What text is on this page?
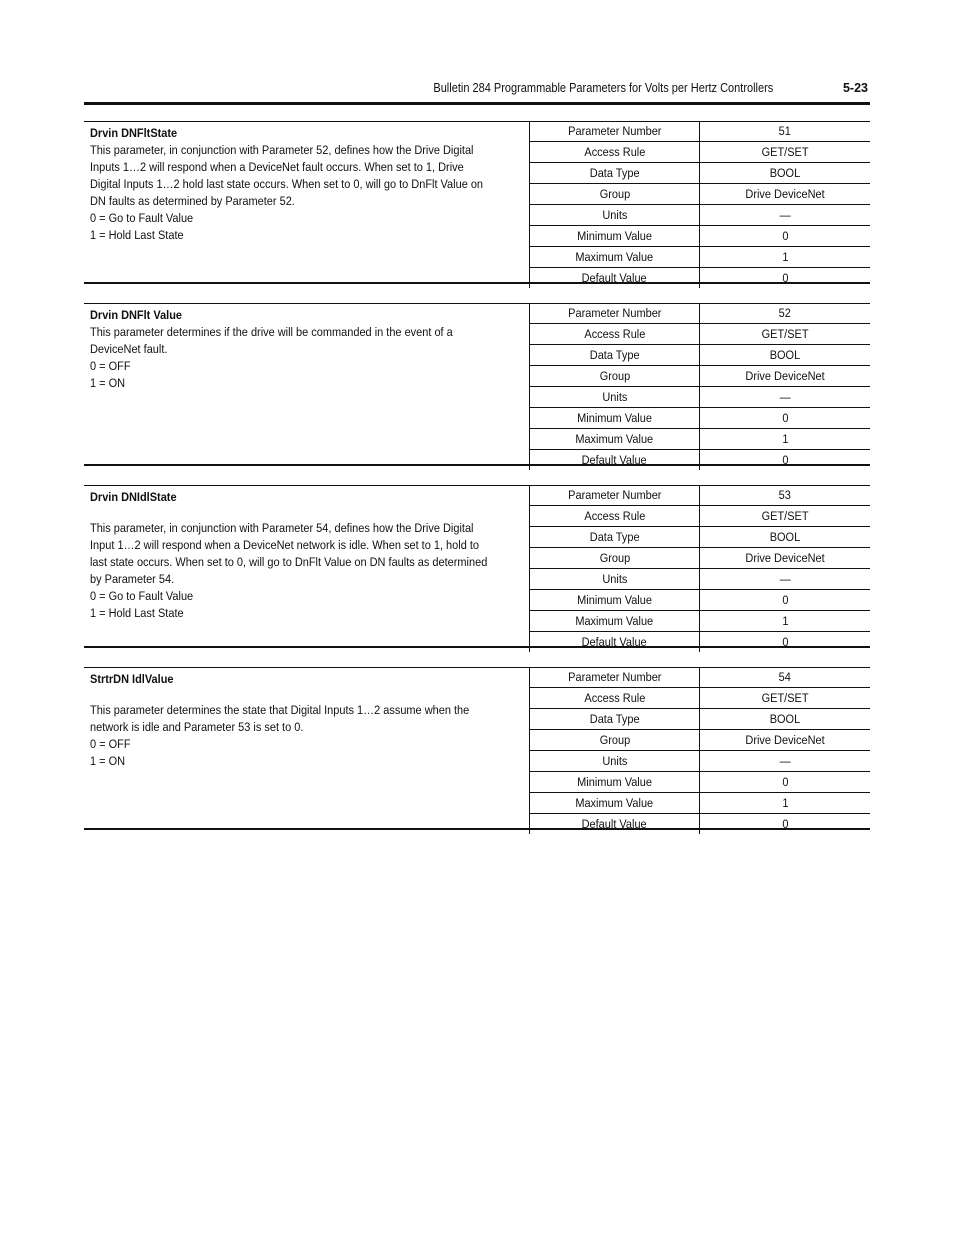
Bulletin 284 Programmable Parameters for Volts per Hertz Controllers	5-23

Drvin DNFltState

This parameter, in conjunction with Parameter 52, defines how the Drive Digital

Inputs 1…2 will respond when a DeviceNet fault occurs. When set to 1, Drive

Digital Inputs 1…2 hold last state occurs. When set to 0, will go to DnFlt Value on

DN faults as determined by Parameter 52.

0 = Go to Fault Value

1 = Hold Last State

Parameter Number	51
Access Rule	GET/SET
Data Type	BOOL
Group	Drive DeviceNet
Units	—
Minimum Value	0
Maximum Value	1
Default Value	0

Drvin DNFlt Value

This parameter determines if the drive will be commanded in the event of a

DeviceNet fault.

0 = OFF

1 = ON

Parameter Number	52
Access Rule	GET/SET
Data Type	BOOL
Group	Drive DeviceNet
Units	—
Minimum Value	0
Maximum Value	1
Default Value	0

Drvin DNIdlState

This parameter, in conjunction with Parameter 54, defines how the Drive Digital

Input 1…2 will respond when a DeviceNet network is idle. When set to 1, hold to

last state occurs. When set to 0, will go to DnFlt Value on DN faults as determined

by Parameter 54.

0 = Go to Fault Value

1 = Hold Last State

Parameter Number	53
Access Rule	GET/SET
Data Type	BOOL
Group	Drive DeviceNet
Units	—
Minimum Value	0
Maximum Value	1
Default Value	0

StrtrDN IdlValue

This parameter determines the state that Digital Inputs 1…2 assume when the

network is idle and Parameter 53 is set to 0.

0 = OFF

1 = ON

Parameter Number	54
Access Rule	GET/SET
Data Type	BOOL
Group	Drive DeviceNet
Units	—
Minimum Value	0
Maximum Value	1
Default Value	0
